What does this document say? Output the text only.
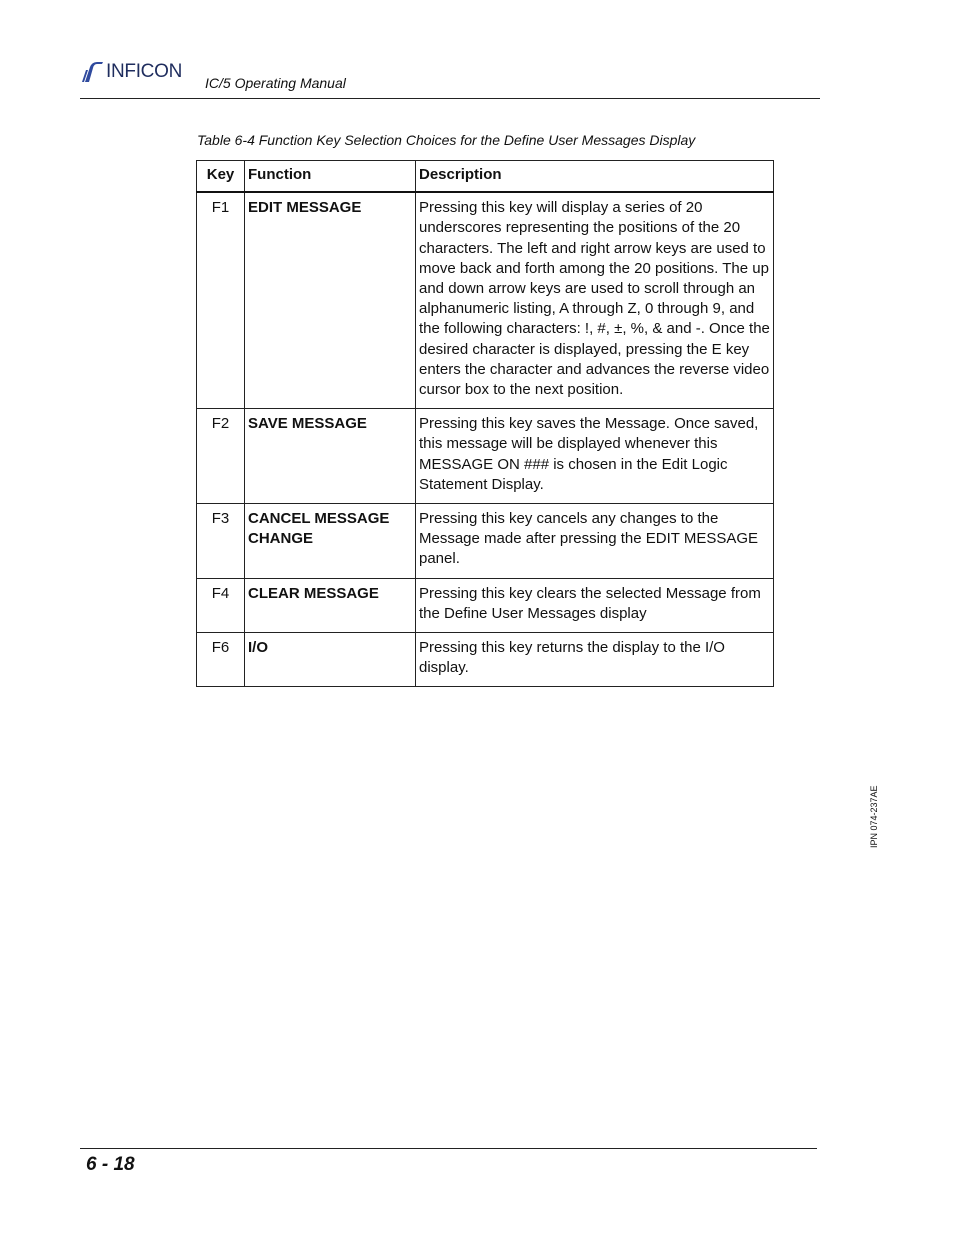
INFICON
IC/5 Operating Manual
Table 6-4 Function Key Selection Choices for the Define User Messages Display
Key	Function	Description
F1	EDIT MESSAGE	Pressing this key will display a series of 20 underscores representing the positions of the 20 characters. The left and right arrow keys are used to move back and forth among the 20 positions. The up and down arrow keys are used to scroll through an alphanumeric listing, A through Z, 0 through 9, and the following characters: !, #, ±, %, & and -. Once the desired character is displayed, pressing the E key enters the character and advances the reverse video cursor box to the next position.
F2	SAVE MESSAGE	Pressing this key saves the Message. Once saved, this message will be displayed whenever this MESSAGE ON ### is chosen in the Edit Logic Statement Display.
F3	CANCEL MESSAGE CHANGE	Pressing this key cancels any changes to the Message made after pressing the EDIT MESSAGE panel.
F4	CLEAR MESSAGE	Pressing this key clears the selected Message from the Define User Messages display
F6	I/O	Pressing this key returns the display to the I/O display.
IPN 074-237AE
6 - 18
